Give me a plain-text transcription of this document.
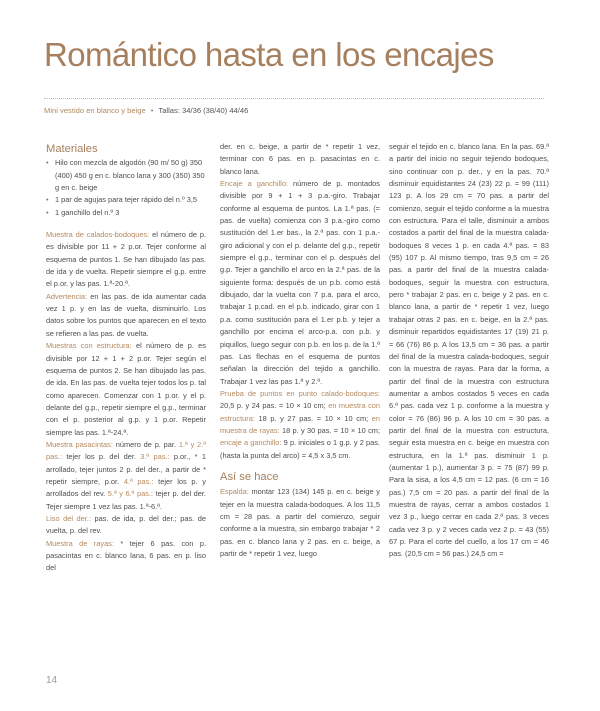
Romántico hasta en los encajes
Mini vestido en blanco y beige • Tallas: 34/36 (38/40) 44/46
Materiales
• Hilo con mezcla de algodón (90 m/ 50 g) 350 (400) 450 g en c. blanco lana y 300 (350) 350 g en c. beige
• 1 par de agujas para tejer rápido del n.º 3,5
• 1 ganchillo del n.º 3

Muestra de calados-bodoques: el número de p. es divisible por 11 + 2 p.or. Tejer conforme al esquema de puntos 1. Se han dibujado las pas. de ida y de vuelta. Repetir siempre el g.p. entre el p.or. y las pas. 1.ª-20.ª.

Advertencia: en las pas. de ida aumentar cada vez 1 p. y en las de vuelta, disminuirlo. Los datos sobre los puntos que aparecen en el texto se refieren a las pas. de vuelta.

Muestras con estructura: el número de p. es divisible por 12 + 1 + 2 p.or. Tejer según el esquema de puntos 2. Se han dibujado las pas. de ida. En las pas. de vuelta tejer todos los p. tal como aparecen. Comenzar con 1 p.or. y el p. delante del g.p., repetir siempre el g.p., terminar con el p. posterior al g.p. y 1 p.or. Repetir siempre las pas. 1.ª-24.ª.

Muestra pasacintas: número de p. par. 1.ª y 2.ª pas.: tejer los p. del der. 3.ª pas.: p.or., * 1 arrollado, tejer juntos 2 p. del der., a partir de * repetir siempre, p.or. 4.ª pas.: tejer los p. y arrollados del rev. 5.ª y 6.ª pas.: tejer p. del der. Tejer siempre 1 vez las pas. 1.ª-6.ª.

Liso del der.: pas. de ida, p. del der.; pas. de vuelta, p. del rev.

Muestra de rayas: * tejer 6 pas. con p. pasacintas en c. blanco lana, 6 pas. en p. liso del

der. en c. beige, a partir de * repetir 1 vez, terminar con 6 pas. en p. pasacintas en c. blanco lana.

Encaje a ganchillo: número de p. montados divisible por 9 + 1 + 3 p.a.-giro. Trabajar conforme al esquema de puntos. La 1.ª pas. (= pas. de vuelta) comienza con 3 p.a.-giro como sustitución del 1.er bas., la 2.ª pas. con 1 p.a.-giro adicional y con el p. delante del g.p., repetir siempre el g.p., terminar con el p. después del g.p. Tejer a ganchillo el arco en la 2.ª pas. de la siguiente forma: después de un p.b. como está dibujado, dar la vuelta con 7 p.a. para el arco, trabajar 1 p.cad. en el p.b. indicado, girar con 1 p.a. como sustitución para el 1.er p.b. y tejer a ganchillo por encima el arco-p.a. con p.b. y piquillos, luego seguir con p.b. en los p. de la 1.ª pas. Las flechas en el esquema de puntos señalan la dirección del tejido a ganchillo. Trabajar 1 vez las pas 1.ª y 2.ª.

Prueba de puntos en punto calado-bodoques: 20,5 p. y 24 pas. = 10 × 10 cm; en muestra con estructura: 18 p. y 27 pas. = 10 × 10 cm; en muestra de rayas: 18 p. y 30 pas. = 10 × 10 cm; encaje a ganchillo: 9 p. iniciales o 1 g.p. y 2 pas. (hasta la punta del arco) = 4,5 x 3,5 cm.

Así se hace

Espalda: montar 123 (134) 145 p. en c. beige y tejer en la muestra calada-bodoques. A los 11,5 cm = 28 pas. a partir del comienzo, seguir conforme a la muestra, sin embargo trabajar * 2 pas. en c. blanco lana y 2 pas. en c. beige, a partir de * repetir 1 vez, luego

seguir el tejido en c. blanco lana. En la pas. 69.ª a partir del inicio no seguir tejiendo bodoques, sino continuar con p. der., y en la pas. 70.ª disminuir equidistantes 24 (23) 22 p. = 99 (111) 123 p. A los 29 cm = 70 pas. a partir del comienzo, seguir el tejido conforme a la muestra con estructura. Para el talle, disminuir a ambos costados a partir del final de la muestra calada-bodoques 8 veces 1 p. en cada 4.ª pas. = 83 (95) 107 p. Al mismo tiempo, tras 9,5 cm = 26 pas. a partir del final de la muestra calada-bodoques, seguir la muestra con estructura, pero * trabajar 2 pas. en c. beige y 2 pas. en c. blanco lana, a partir de * repetir 1 vez, luego trabajar otras 2 pas. en c. beige, en la 2.ª pas. disminuir repartidos equidistantes 17 (19) 21 p. = 66 (76) 86 p. A los 13,5 cm = 36 pas. a partir del final de la muestra calada-bodoques, seguir con la muestra de rayas. Para dar la forma, a partir del final de la muestra con estructura aumentar a ambos costados 5 veces en cada 6.ª pas. cada vez 1 p. conforme a la muestra y color = 76 (86) 96 p. A los 10 cm = 30 pas. a partir del final de la muestra con estructura, seguir esta muestra en c. beige en muestra con estructura, en la 1.ª pas. disminuir 1 p. (aumentar 1 p.), aumentar 3 p. = 75 (87) 99 p. Para la sisa, a los 4,5 cm = 12 pas. (6 cm = 16 pas.) 7,5 cm = 20 pas. a partir del final de la muestra de rayas, cerrar a ambos costados 1 vez 3 p., luego cerrar en cada 2.ª pas. 3 veces cada vez 3 p. y 2 veces cada vez 2 p. = 43 (55) 67 p. Para el corte del cuello, a los 17 cm = 46 pas. (20,5 cm = 56 pas.) 24,5 cm =

14
